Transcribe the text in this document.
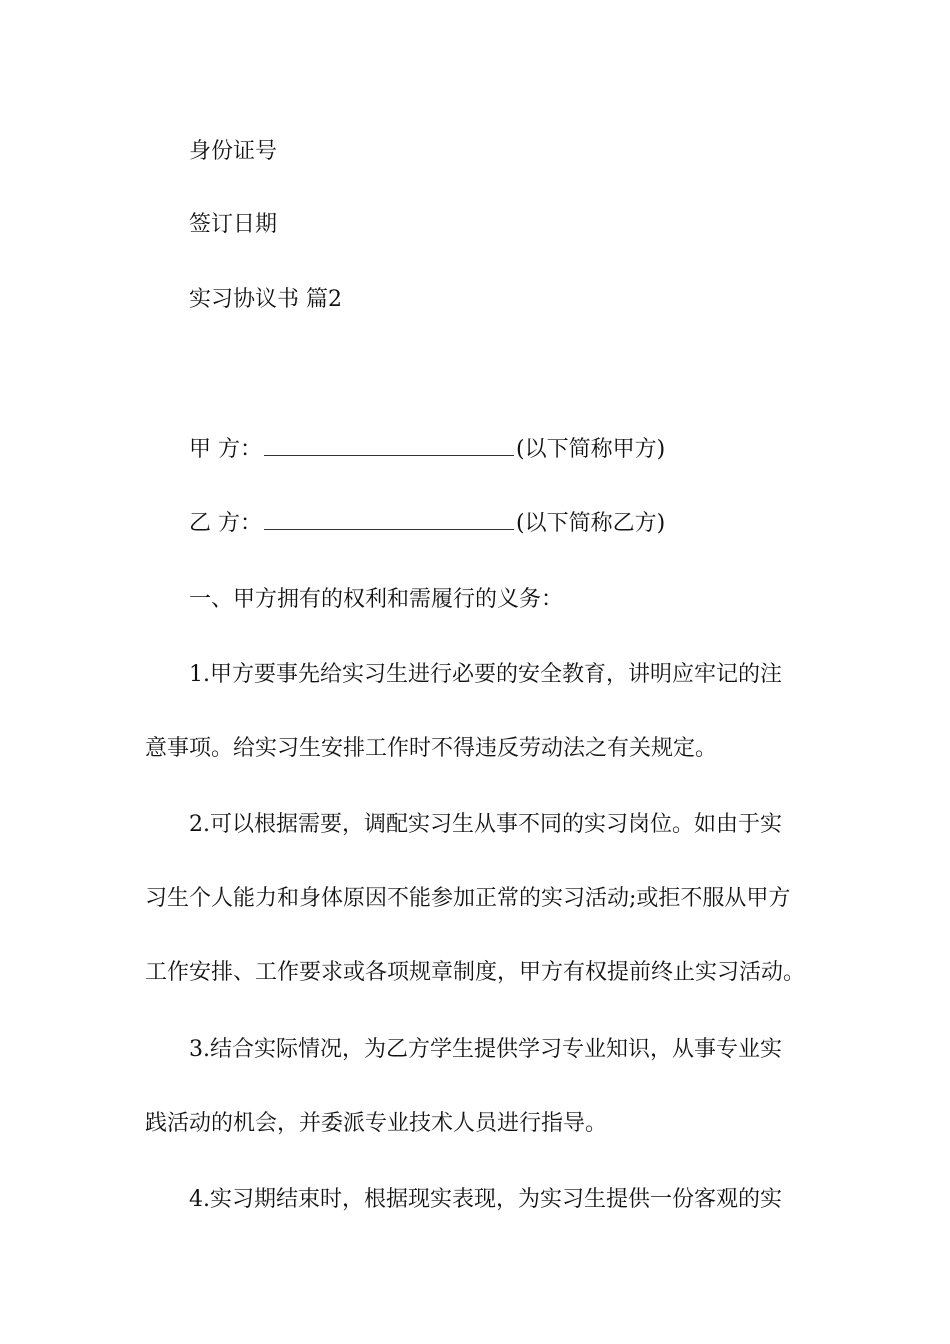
身份证号
签订日期
实习协议书 篇2
甲 方：	(以下简称甲方)
乙 方：	(以下简称乙方)
一、甲方拥有的权利和需履行的义务：
1.甲方要事先给实习生进行必要的安全教育，讲明应牢记的注
意事项。给实习生安排工作时不得违反劳动法之有关规定。
2.可以根据需要，调配实习生从事不同的实习岗位。如由于实
习生个人能力和身体原因不能参加正常的实习活动;或拒不服从甲方
工作安排、工作要求或各项规章制度，甲方有权提前终止实习活动。
3.结合实际情况，为乙方学生提供学习专业知识，从事专业实
践活动的机会，并委派专业技术人员进行指导。
4.实习期结束时，根据现实表现，为实习生提供一份客观的实
